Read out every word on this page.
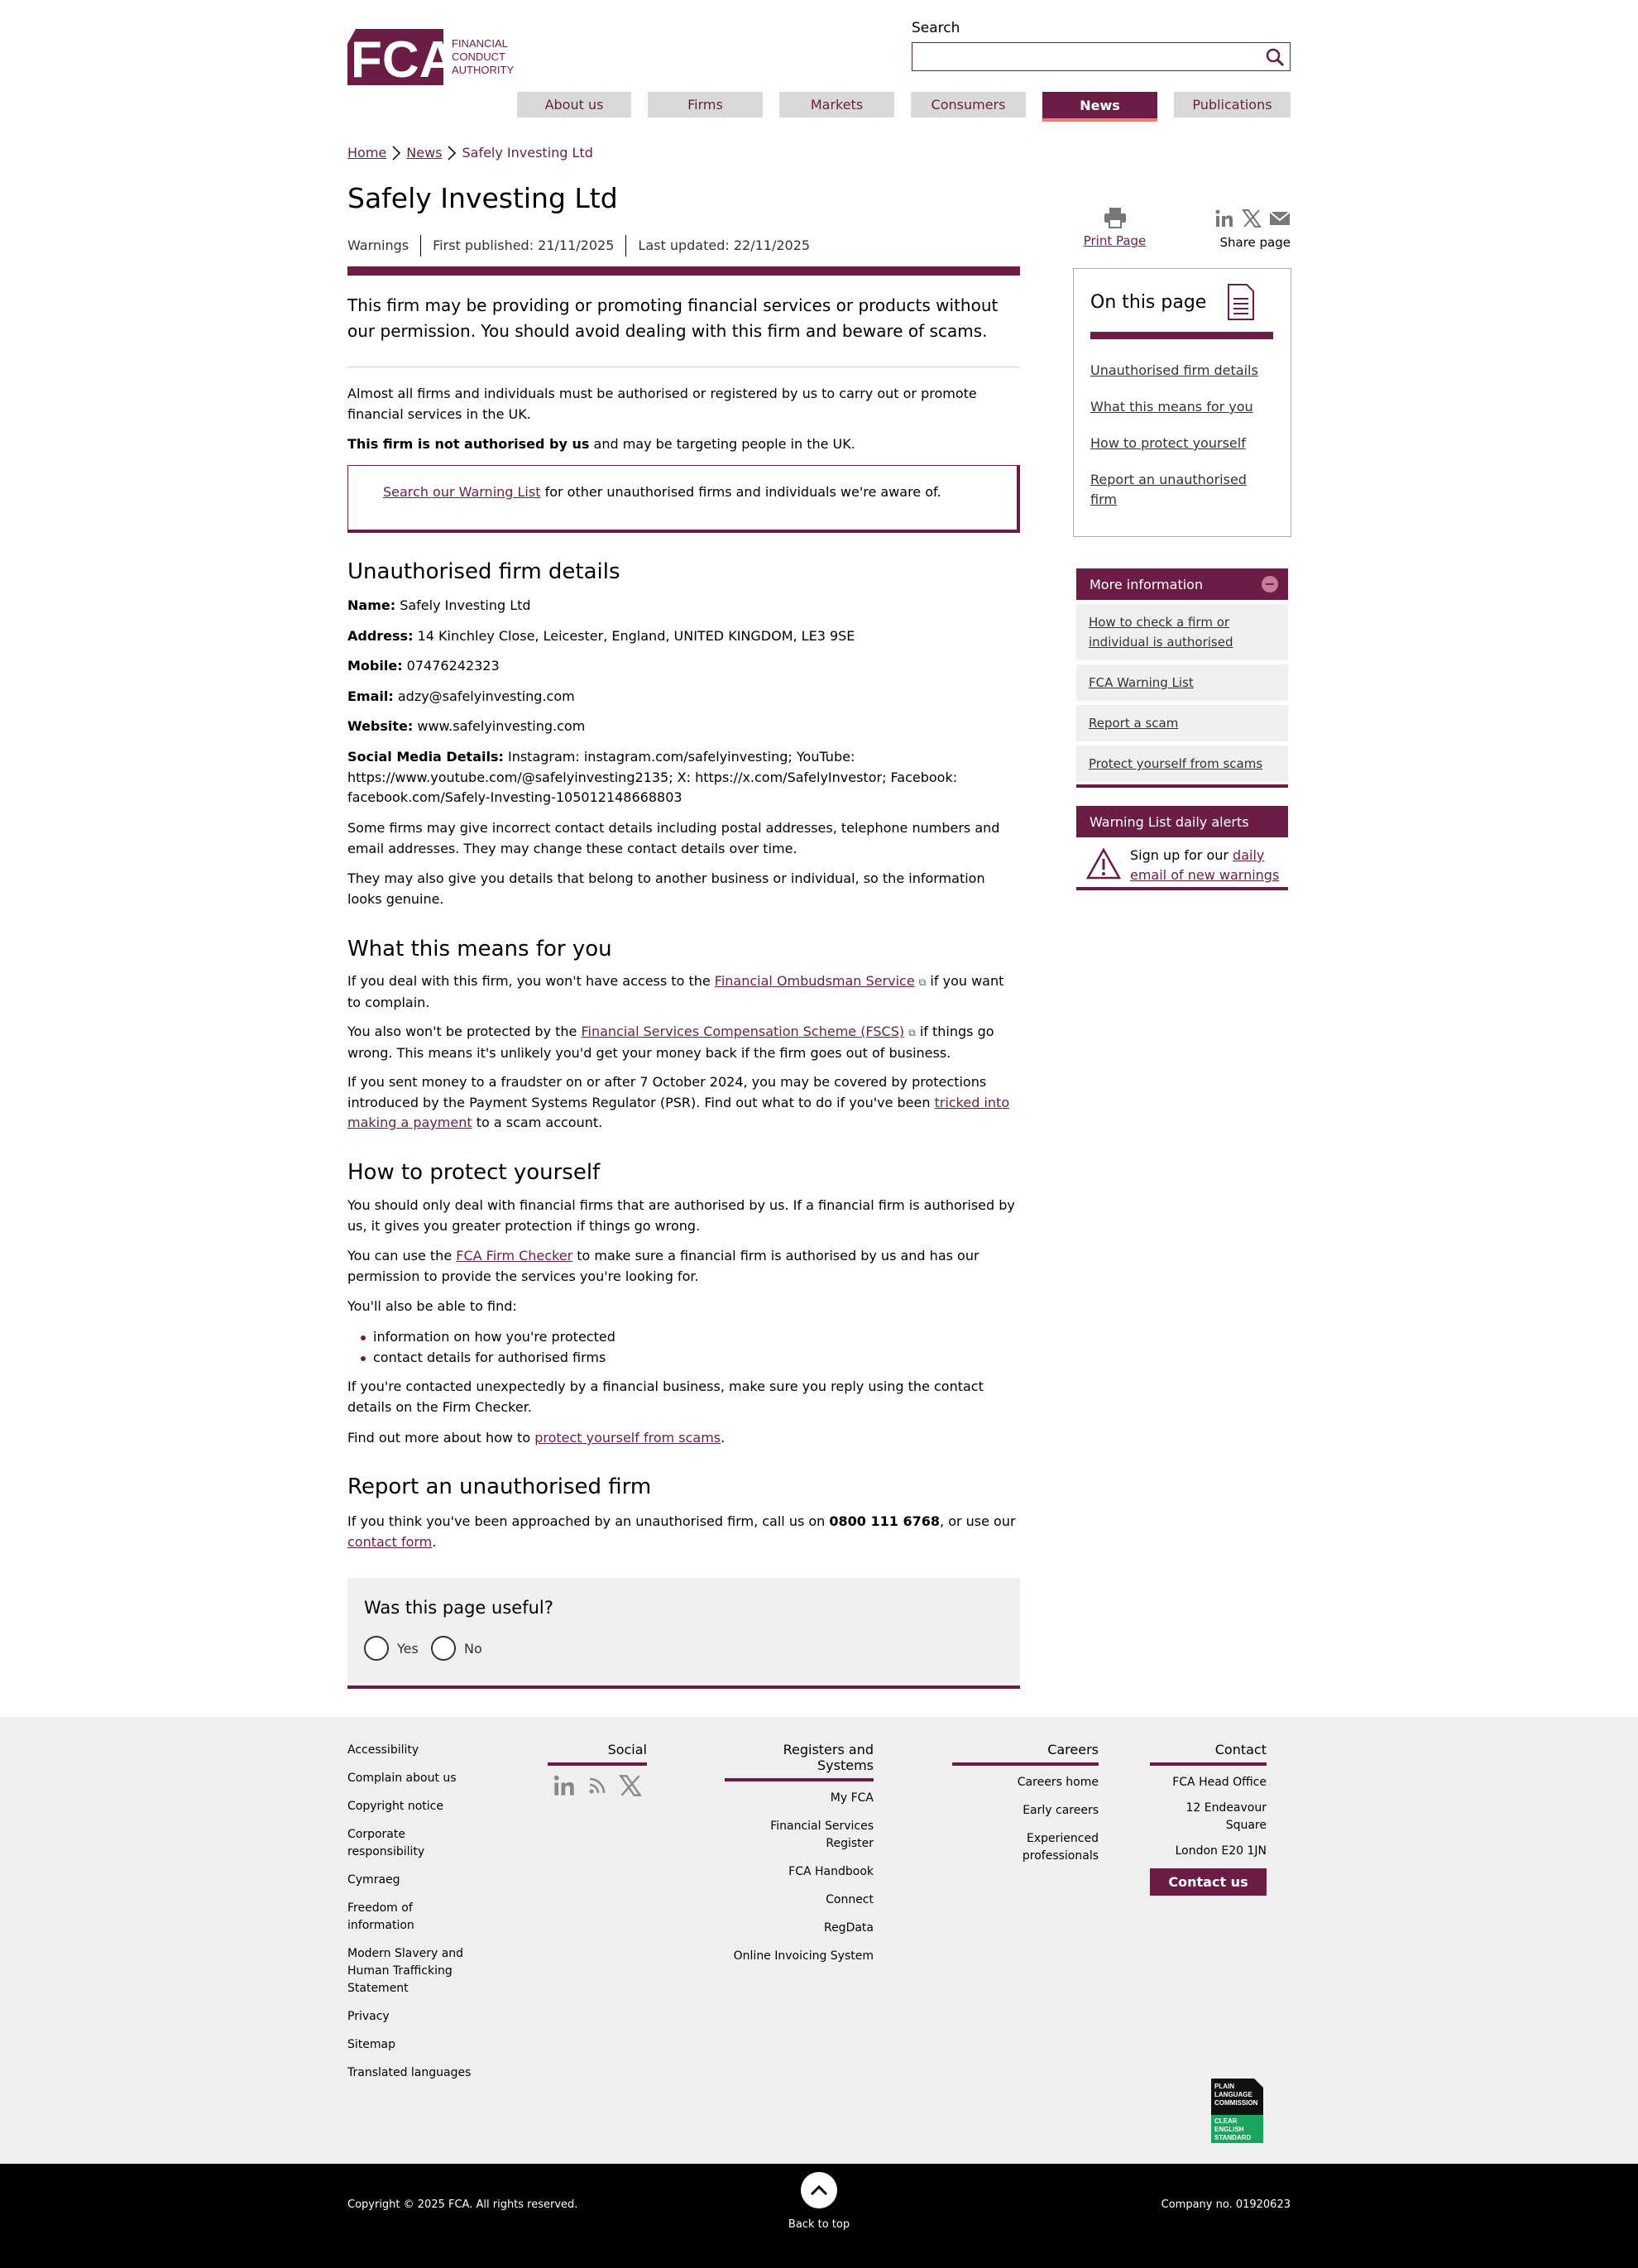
FCA
FINANCIAL
CONDUCT
AUTHORITY
Search
About us	Firms	Markets	Consumers	News	Publications
Home News Safely Investing Ltd
Safely Investing Ltd
Warnings	First published: 21/11/2025	Last updated: 22/11/2025

This firm may be providing or promoting financial services or products without our permission. You should avoid dealing with this firm and beware of scams.

Almost all firms and individuals must be authorised or registered by us to carry out or promote financial services in the UK.

This firm is not authorised by us and may be targeting people in the UK.

Search our Warning List for other unauthorised firms and individuals we're aware of.
Unauthorised firm details

Name: Safely Investing Ltd

Address: 14 Kinchley Close, Leicester, England, UNITED KINGDOM, LE3 9SE

Mobile: 07476242323

Email: adzy@safelyinvesting.com

Website: www.safelyinvesting.com

Social Media Details: Instagram: instagram.com/safelyinvesting; YouTube: https://www.youtube.com/@safelyinvesting2135; X: https://x.com/SafelyInvestor; Facebook: facebook.com/Safely-Investing-105012148668803

Some firms may give incorrect contact details including postal addresses, telephone numbers and email addresses. They may change these contact details over time.

They may also give you details that belong to another business or individual, so the information looks genuine.

What this means for you

If you deal with this firm, you won't have access to the Financial Ombudsman Service ⧉ if you want to complain.

You also won't be protected by the Financial Services Compensation Scheme (FSCS) ⧉ if things go wrong. This means it's unlikely you'd get your money back if the firm goes out of business.

If you sent money to a fraudster on or after 7 October 2024, you may be covered by protections introduced by the Payment Systems Regulator (PSR). Find out what to do if you've been tricked into making a payment to a scam account.

How to protect yourself

You should only deal with financial firms that are authorised by us. If a financial firm is authorised by us, it gives you greater protection if things go wrong.

You can use the FCA Firm Checker to make sure a financial firm is authorised by us and has our permission to provide the services you're looking for.

You'll also be able to find:

information on how you're protected
contact details for authorised firms

If you're contacted unexpectedly by a financial business, make sure you reply using the contact details on the Firm Checker.

Find out more about how to protect yourself from scams.

Report an unauthorised firm

If you think you've been approached by an unauthorised firm, call us on 0800 111 6768, or use our contact form.

Was this page useful?
Yes	No
Print Page	Share page
On this page
Unauthorised firm details
What this means for you
How to protect yourself
Report an unauthorised firm
More information	−
How to check a firm or individual is authorised
FCA Warning List
Report a scam
Protect yourself from scams
Warning List daily alerts
Sign up for our daily email of new warnings
Accessibility
Complain about us
Copyright notice
Corporate responsibility
Cymraeg
Freedom of information
Modern Slavery and Human Trafficking Statement
Privacy
Sitemap
Translated languages
Social	Registers and Systems
My FCA
Financial Services Register
FCA Handbook
Connect
RegData
Online Invoicing System
Careers
Careers home
Early careers
Experienced professionals
Contact
FCA Head Office
12 Endeavour Square
London E20 1JN
Contact us
PLAIN
LANGUAGE
COMMISSION
CLEAR
ENGLISH
STANDARD
Copyright © 2025 FCA. All rights reserved.
Back to top
Company no. 01920623
